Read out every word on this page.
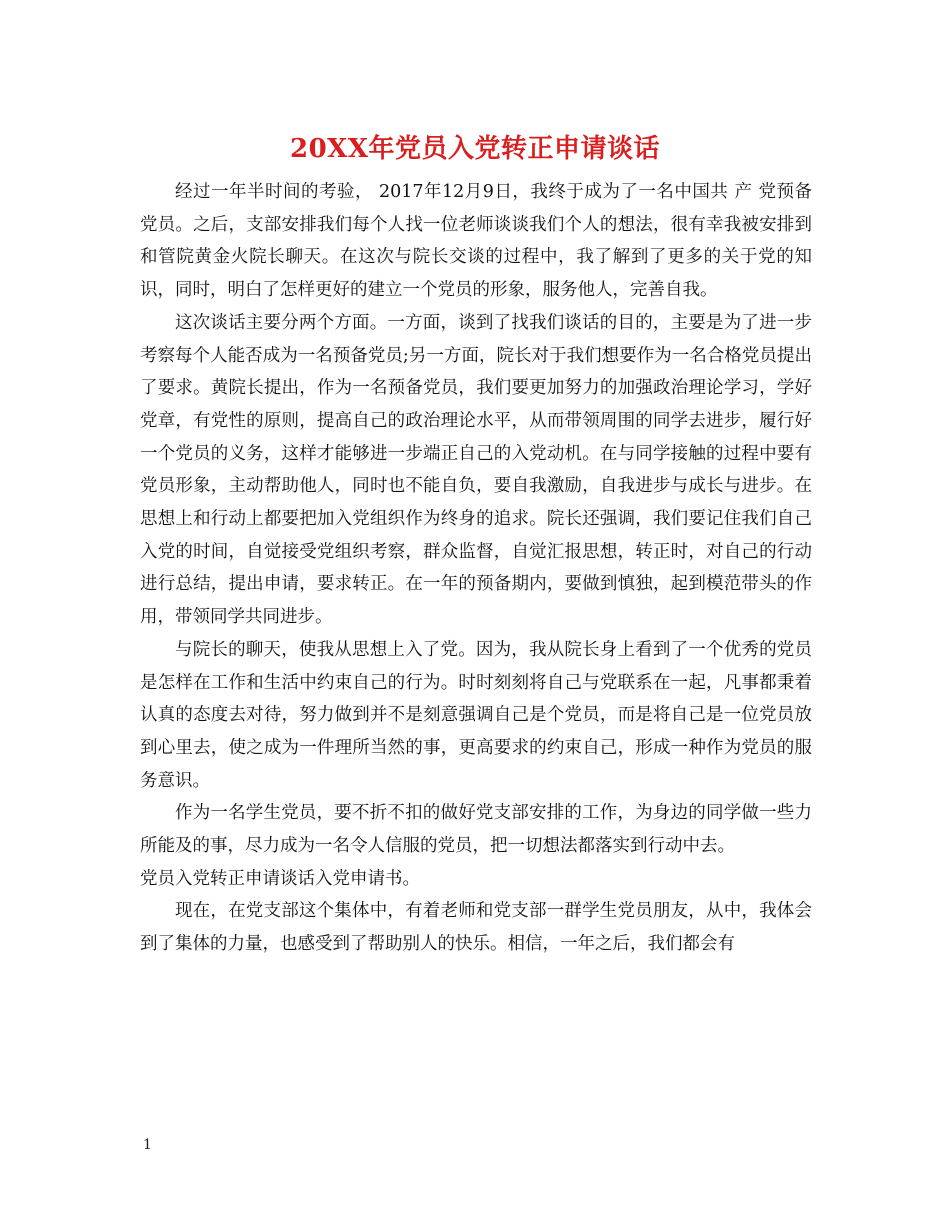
20XX年党员入党转正申请谈话

经过一年半时间的考验， 2017年12月9日，我终于成为了一名中国共 产 党预备党员。之后，支部安排我们每个人找一位老师谈谈我们个人的想法，很有幸我被安排到和管院黄金火院长聊天。在这次与院长交谈的过程中，我了解到了更多的关于党的知识，同时，明白了怎样更好的建立一个党员的形象，服务他人，完善自我。

这次谈话主要分两个方面。一方面，谈到了找我们谈话的目的，主要是为了进一步考察每个人能否成为一名预备党员;另一方面，院长对于我们想要作为一名合格党员提出了要求。黄院长提出，作为一名预备党员，我们要更加努力的加强政治理论学习，学好党章，有党性的原则，提高自己的政治理论水平，从而带领周围的同学去进步，履行好一个党员的义务，这样才能够进一步端正自己的入党动机。在与同学接触的过程中要有党员形象，主动帮助他人，同时也不能自负，要自我激励，自我进步与成长与进步。在思想上和行动上都要把加入党组织作为终身的追求。院长还强调，我们要记住我们自己入党的时间，自觉接受党组织考察，群众监督，自觉汇报思想，转正时，对自己的行动进行总结，提出申请，要求转正。在一年的预备期内，要做到慎独，起到模范带头的作用，带领同学共同进步。

与院长的聊天，使我从思想上入了党。因为，我从院长身上看到了一个优秀的党员是怎样在工作和生活中约束自己的行为。时时刻刻将自己与党联系在一起，凡事都秉着认真的态度去对待，努力做到并不是刻意强调自己是个党员，而是将自己是一位党员放到心里去，使之成为一件理所当然的事，更高要求的约束自己，形成一种作为党员的服务意识。

作为一名学生党员，要不折不扣的做好党支部安排的工作，为身边的同学做一些力所能及的事，尽力成为一名令人信服的党员，把一切想法都落实到行动中去。

党员入党转正申请谈话入党申请书。

现在，在党支部这个集体中，有着老师和党支部一群学生党员朋友，从中，我体会到了集体的力量，也感受到了帮助别人的快乐。相信，一年之后，我们都会有

1
